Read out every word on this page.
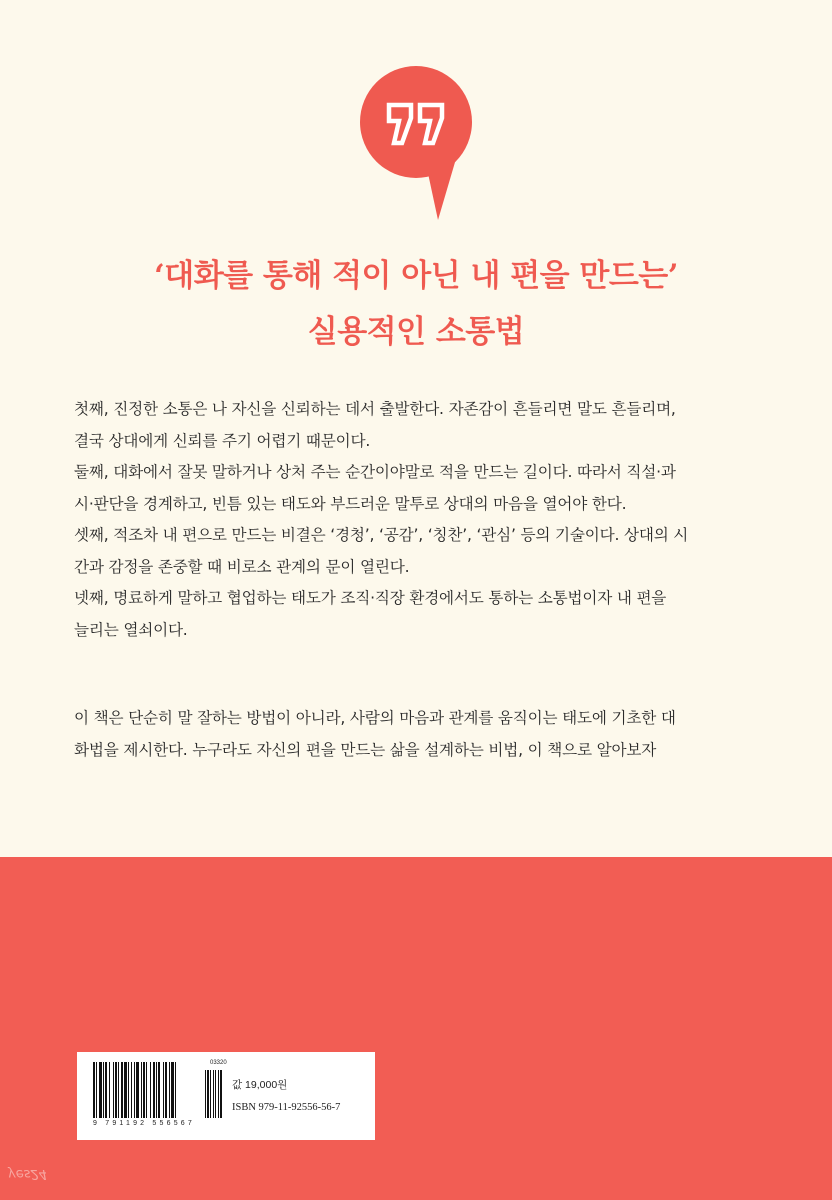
‘대화를 통해 적이 아닌 내 편을 만드는’
실용적인 소통법

첫째, 진정한 소통은 나 자신을 신뢰하는 데서 출발한다. 자존감이 흔들리면 말도 흔들리며,

결국 상대에게 신뢰를 주기 어렵기 때문이다.

둘째, 대화에서 잘못 말하거나 상처 주는 순간이야말로 적을 만드는 길이다. 따라서 직설·과

시·판단을 경계하고, 빈틈 있는 태도와 부드러운 말투로 상대의 마음을 열어야 한다.

셋째, 적조차 내 편으로 만드는 비결은 ‘경청’, ‘공감’, ‘칭찬’, ‘관심’ 등의 기술이다. 상대의 시

간과 감정을 존중할 때 비로소 관계의 문이 열린다.

넷째, 명료하게 말하고 협업하는 태도가 조직·직장 환경에서도 통하는 소통법이자 내 편을

늘리는 열쇠이다.

이 책은 단순히 말 잘하는 방법이 아니라, 사람의 마음과 관계를 움직이는 태도에 기초한 대

화법을 제시한다. 누구라도 자신의 편을 만드는 삶을 설계하는 비법, 이 책으로 알아보자

03320
9 791192 556567
값 19,000원
ISBN 979-11-92556-56-7
yes24
